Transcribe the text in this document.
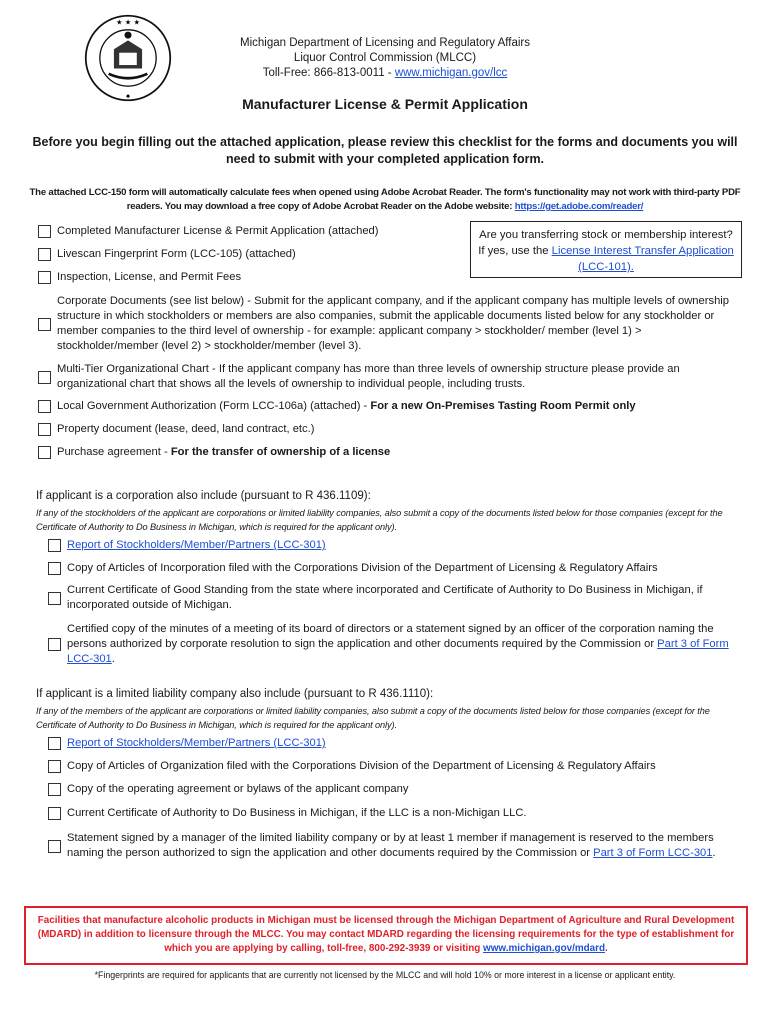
★ ★ ★
◆
Michigan Department of Licensing and Regulatory Affairs
Liquor Control Commission (MLCC)
Toll-Free: 866-813-0011 - www.michigan.gov/lcc
Manufacturer License & Permit Application
Before you begin filling out the attached application, please review this checklist for the forms and documents you will need to submit with your completed application form.
The attached LCC-150 form will automatically calculate fees when opened using Adobe Acrobat Reader. The form's functionality may not work with third-party PDF readers. You may download a free copy of Adobe Acrobat Reader on the Adobe website: https://get.adobe.com/reader/
Are you transferring stock or membership interest? If yes, use the License Interest Transfer Application (LCC-101).
Completed Manufacturer License & Permit Application (attached)
Livescan Fingerprint Form (LCC-105) (attached)
Inspection, License, and Permit Fees
Corporate Documents (see list below) - Submit for the applicant company, and if the applicant company has multiple levels of ownership structure in which stockholders or members are also companies, submit the applicable documents listed below for any stockholder or member companies to the third level of ownership - for example: applicant company > stockholder/ member (level 1) > stockholder/member (level 2) > stockholder/member (level 3).
Multi-Tier Organizational Chart - If the applicant company has more than three levels of ownership structure please provide an organizational chart that shows all the levels of ownership to individual people, including trusts.
Local Government Authorization (Form LCC-106a) (attached) - For a new On-Premises Tasting Room Permit only
Property document (lease, deed, land contract, etc.)
Purchase agreement - For the transfer of ownership of a license
If applicant is a corporation also include (pursuant to R 436.1109):
If any of the stockholders of the applicant are corporations or limited liability companies, also submit a copy of the documents listed below for those companies (except for the Certificate of Authority to Do Business in Michigan, which is required for the applicant only).
Report of Stockholders/Member/Partners (LCC-301)
Copy of Articles of Incorporation filed with the Corporations Division of the Department of Licensing & Regulatory Affairs
Current Certificate of Good Standing from the state where incorporated and Certificate of Authority to Do Business in Michigan, if incorporated outside of Michigan.
Certified copy of the minutes of a meeting of its board of directors or a statement signed by an officer of the corporation naming the persons authorized by corporate resolution to sign the application and other documents required by the Commission or Part 3 of Form LCC-301.
If applicant is a limited liability company also include (pursuant to R 436.1110):
If any of the members of the applicant are corporations or limited liability companies, also submit a copy of the documents listed below for those companies (except for the Certificate of Authority to Do Business in Michigan, which is required for the applicant only).
Report of Stockholders/Member/Partners (LCC-301)
Copy of Articles of Organization filed with the Corporations Division of the Department of Licensing & Regulatory Affairs
Copy of the operating agreement or bylaws of the applicant company
Current Certificate of Authority to Do Business in Michigan, if the LLC is a non-Michigan LLC.
Statement signed by a manager of the limited liability company or by at least 1 member if management is reserved to the members naming the person authorized to sign the application and other documents required by the Commission or Part 3 of Form LCC-301.
Facilities that manufacture alcoholic products in Michigan must be licensed through the Michigan Department of Agriculture and Rural Development (MDARD) in addition to licensure through the MLCC. You may contact MDARD regarding the licensing requirements for the type of establishment for which you are applying by calling, toll-free, 800-292-3939 or visiting www.michigan.gov/mdard.
*Fingerprints are required for applicants that are currently not licensed by the MLCC and will hold 10% or more interest in a license or applicant entity.
